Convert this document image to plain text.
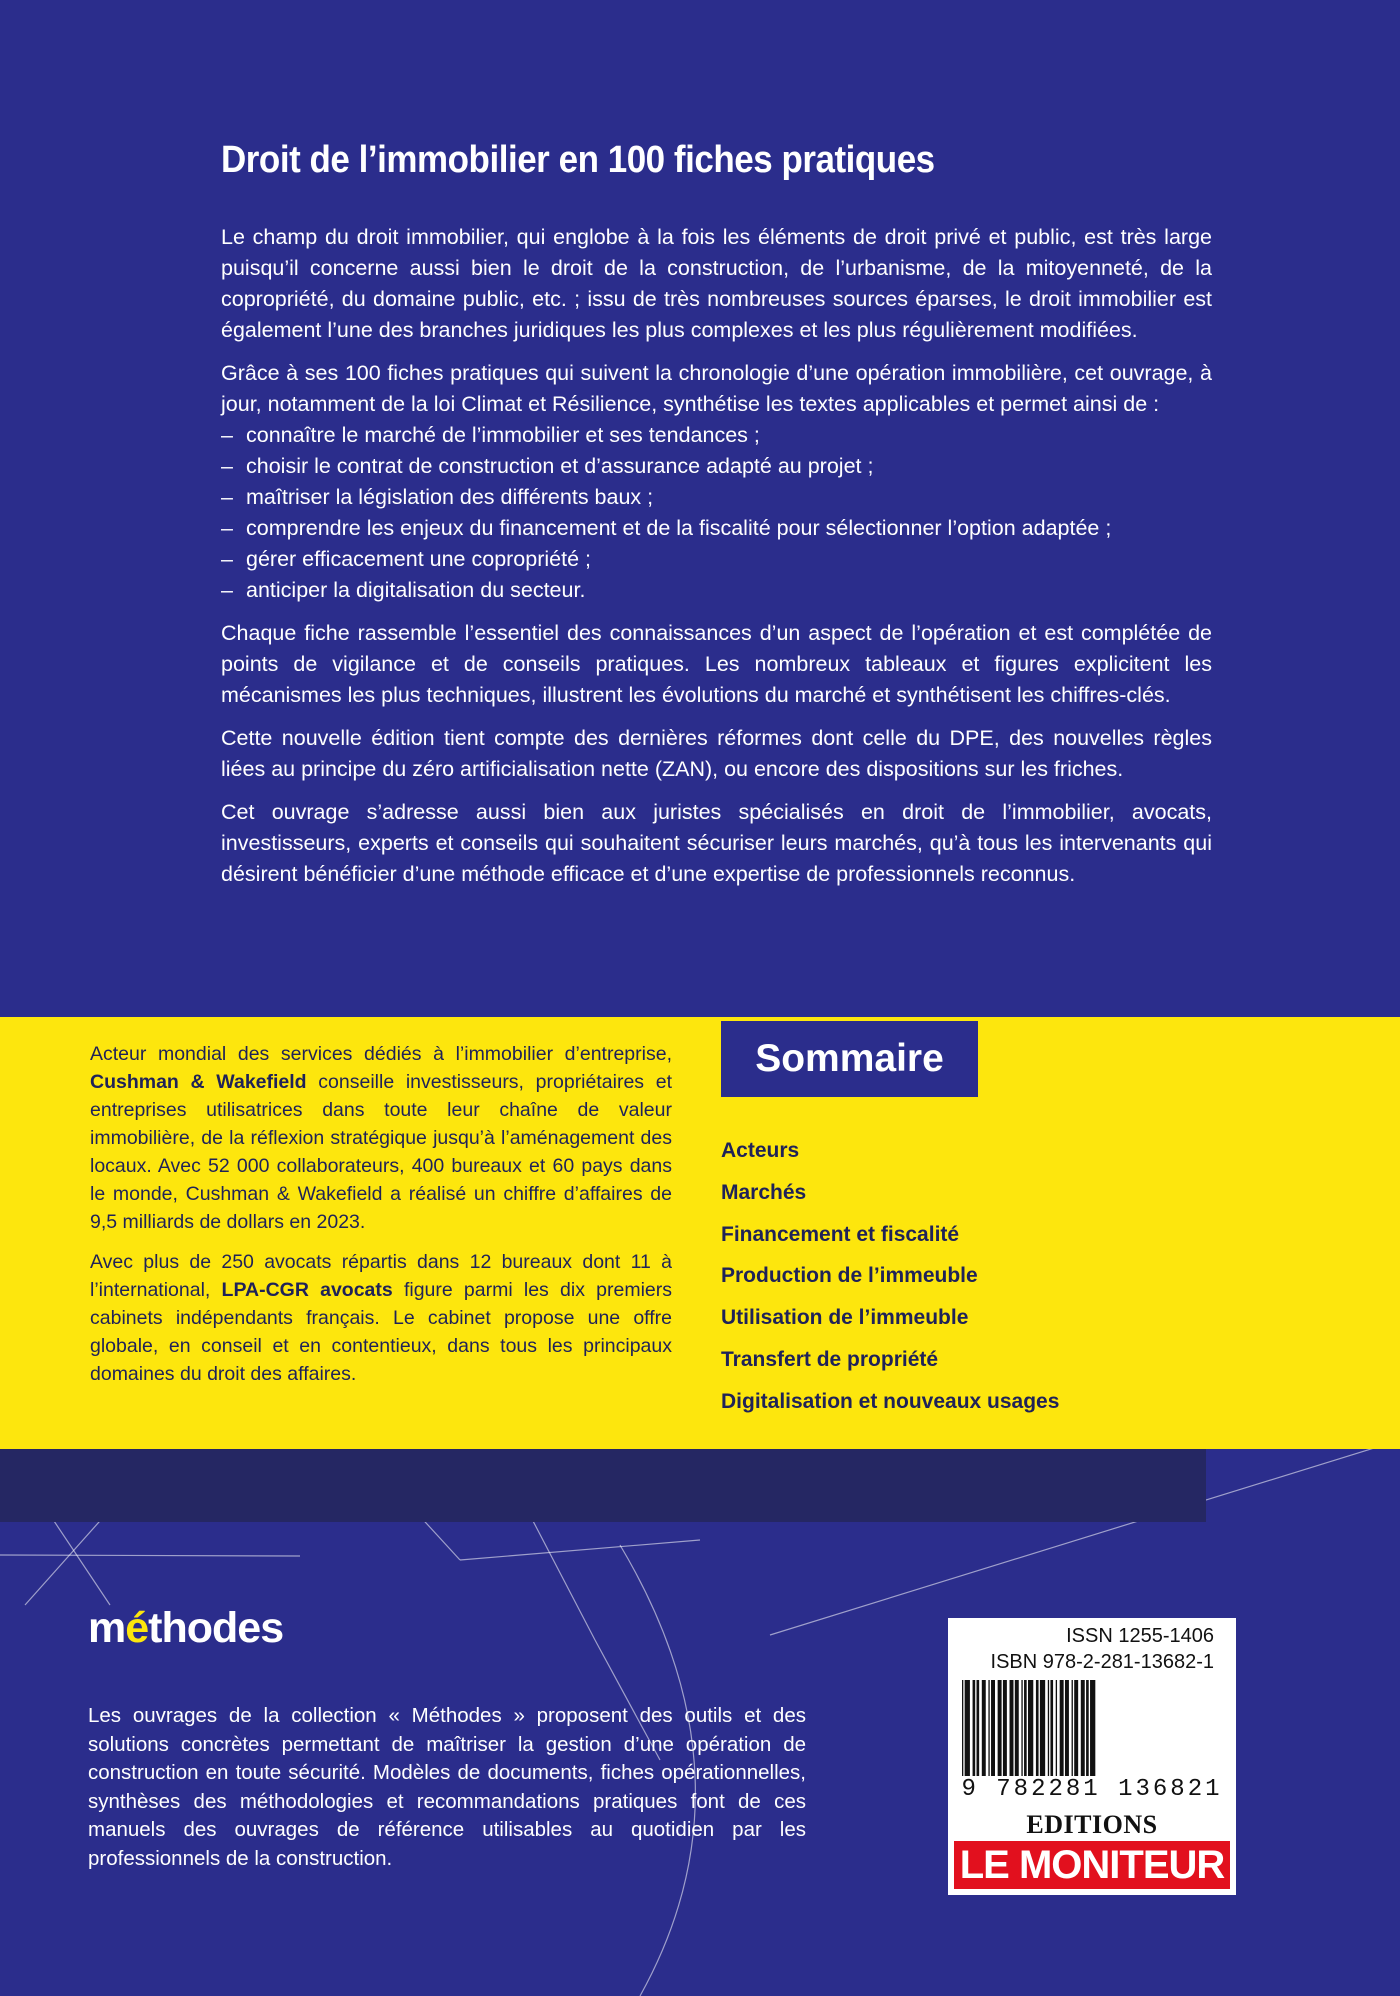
Droit de l’immobilier en 100 fiches pratiques

Le champ du droit immobilier, qui englobe à la fois les éléments de droit privé et public, est très large puisqu’il concerne aussi bien le droit de la construction, de l’urbanisme, de la mitoyenneté, de la copropriété, du domaine public, etc. ; issu de très nombreuses sources éparses, le droit immobilier est également l’une des branches juridiques les plus complexes et les plus régulièrement modifiées.

Grâce à ses 100 fiches pratiques qui suivent la chronologie d’une opération immobilière, cet ouvrage, à jour, notamment de la loi Climat et Résilience, synthétise les textes applicables et permet ainsi de :

– connaître le marché de l’immobilier et ses tendances ;
– choisir le contrat de construction et d’assurance adapté au projet ;
– maîtriser la législation des différents baux ;
– comprendre les enjeux du financement et de la fiscalité pour sélectionner l’option adaptée ;
– gérer efficacement une copropriété ;
– anticiper la digitalisation du secteur.

Chaque fiche rassemble l’essentiel des connaissances d’un aspect de l’opération et est complétée de points de vigilance et de conseils pratiques. Les nombreux tableaux et figures explicitent les mécanismes les plus techniques, illustrent les évolutions du marché et synthétisent les chiffres-clés.

Cette nouvelle édition tient compte des dernières réformes dont celle du DPE, des nouvelles règles liées au principe du zéro artificialisation nette (ZAN), ou encore des dispositions sur les friches.

Cet ouvrage s’adresse aussi bien aux juristes spécialisés en droit de l’immobilier, avocats, investisseurs, experts et conseils qui souhaitent sécuriser leurs marchés, qu’à tous les intervenants qui désirent bénéficier d’une méthode efficace et d’une expertise de professionnels reconnus.

Acteur mondial des services dédiés à l’immobilier d’entreprise, Cushman & Wakefield conseille investisseurs, propriétaires et entreprises utilisatrices dans toute leur chaîne de valeur immobilière, de la réflexion stratégique jusqu’à l’aménagement des locaux. Avec 52 000 collaborateurs, 400 bureaux et 60 pays dans le monde, Cushman & Wakefield a réalisé un chiffre d’affaires de 9,5 milliards de dollars en 2023.

Avec plus de 250 avocats répartis dans 12 bureaux dont 11 à l’international, LPA-CGR avocats figure parmi les dix premiers cabinets indépendants français. Le cabinet propose une offre globale, en conseil et en contentieux, dans tous les principaux domaines du droit des affaires.

Sommaire
Acteurs
Marchés
Financement et fiscalité
Production de l’immeuble
Utilisation de l’immeuble
Transfert de propriété
Digitalisation et nouveaux usages
méthodes

Les ouvrages de la collection « Méthodes » proposent des outils et des solutions concrètes permettant de maîtriser la gestion d’une opération de construction en toute sécurité. Modèles de documents, fiches opérationnelles, synthèses des méthodologies et recommandations pratiques font de ces manuels des ouvrages de référence utilisables au quotidien par les professionnels de la construction.

ISSN 1255-1406
ISBN 978-2-281-13682-1
9 782281 136821
EDITIONS
LE MONITEUR
